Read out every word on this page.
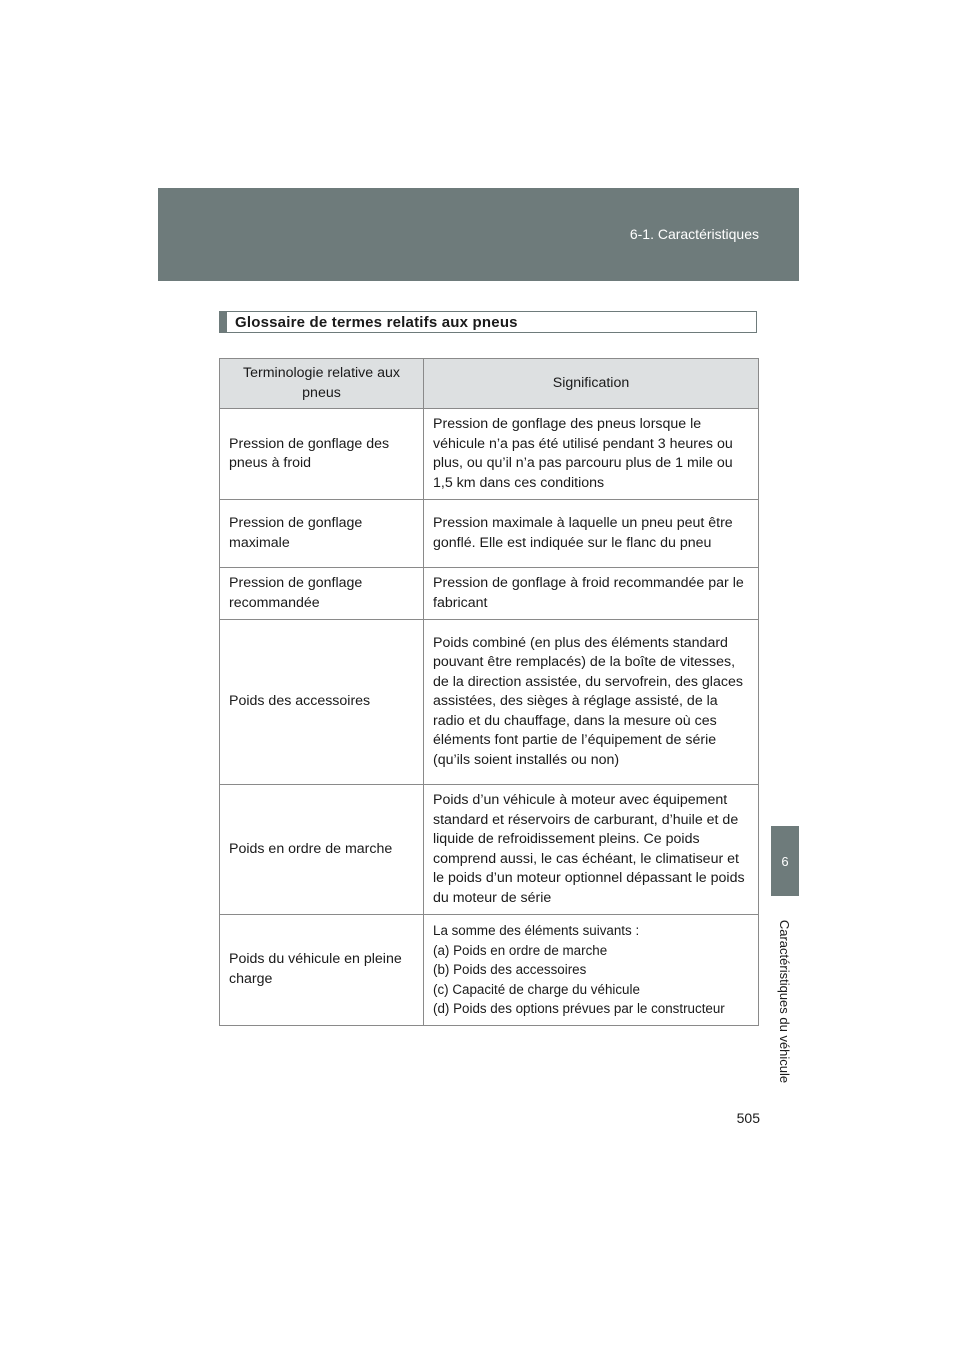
6-1. Caractéristiques
6
Caractéristiques du véhicule
Glossaire de termes relatifs aux pneus
Terminologie relative aux pneus	Signification
Pression de gonflage des pneus à froid	Pression de gonflage des pneus lorsque le véhicule n’a pas été utilisé pendant 3 heures ou plus, ou qu’il n’a pas parcouru plus de 1 mile ou 1,5 km dans ces conditions
Pression de gonflage maximale	Pression maximale à laquelle un pneu peut être gonflé. Elle est indiquée sur le flanc du pneu
Pression de gonflage recommandée	Pression de gonflage à froid recommandée par le fabricant
Poids des accessoires	Poids combiné (en plus des éléments standard pouvant être remplacés) de la boîte de vitesses, de la direction assistée, du servofrein, des glaces assistées, des sièges à réglage assisté, de la radio et du chauffage, dans la mesure où ces éléments font partie de l’équipement de série (qu’ils soient installés ou non)
Poids en ordre de marche	Poids d’un véhicule à moteur avec équipement standard et réservoirs de carburant, d’huile et de liquide de refroidissement pleins. Ce poids comprend aussi, le cas échéant, le climatiseur et le poids d’un moteur optionnel dépassant le poids du moteur de série
Poids du véhicule en pleine charge	La somme des éléments suivants :
(a) Poids en ordre de marche
(b) Poids des accessoires
(c) Capacité de charge du véhicule
(d) Poids des options prévues par le constructeur
505
